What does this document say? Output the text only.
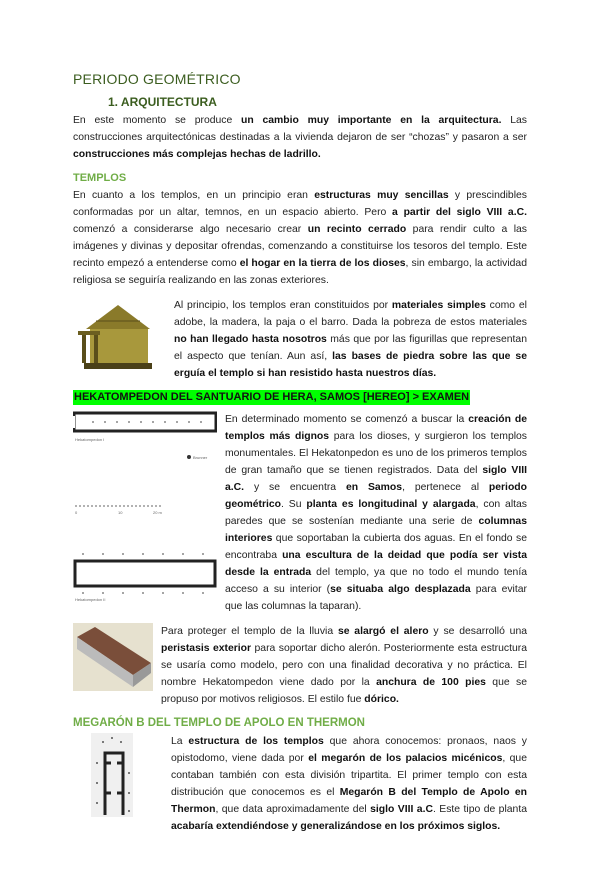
PERIODO GEOMÉTRICO
1. ARQUITECTURA
En este momento se produce un cambio muy importante en la arquitectura. Las construcciones arquitectónicas destinadas a la vivienda dejaron de ser “chozas” y pasaron a ser construcciones más complejas hechas de ladrillo.
TEMPLOS
En cuanto a los templos, en un principio eran estructuras muy sencillas y prescindibles conformadas por un altar, temnos, en un espacio abierto. Pero a partir del siglo VIII a.C. comenzó a considerarse algo necesario crear un recinto cerrado para rendir culto a las imágenes y divinas y depositar ofrendas, comenzando a constituirse los tesoros del templo. Este recinto empezó a entenderse como el hogar en la tierra de los dioses, sin embargo, la actividad religiosa se seguiría realizando en las zonas exteriores.
Al principio, los templos eran constituidos por materiales simples como el adobe, la madera, la paja o el barro. Dada la pobreza de estos materiales no han llegado hasta nosotros más que por las figurillas que representan el aspecto que tenían. Aun así, las bases de piedra sobre las que se erguía el templo si han resistido hasta nuestros días.
HEKATOMPEDON DEL SANTUARIO DE HERA, SAMOS [HEREO] > EXAMEN
Hekatompedon I
Brunner
0	10	20 m
Hekatompedon II
En determinado momento se comenzó a buscar la creación de templos más dignos para los dioses, y surgieron los templos monumentales. El Hekatonpedon es uno de los primeros templos de gran tamaño que se tienen registrados. Data del siglo VIII a.C. y se encuentra en Samos, pertenece al periodo geométrico. Su planta es longitudinal y alargada, con altas paredes que se sostenían mediante una serie de columnas interiores que soportaban la cubierta dos aguas. En el fondo se encontraba una escultura de la deidad que podía ser vista desde la entrada del templo, ya que no todo el mundo tenía acceso a su interior (se situaba algo desplazada para evitar que las columnas la taparan).
Para proteger el templo de la lluvia se alargó el alero y se desarrolló una peristasis exterior para soportar dicho alerón. Posteriormente esta estructura se usaría como modelo, pero con una finalidad decorativa y no práctica. El nombre Hekatompedon viene dado por la anchura de 100 pies que se propuso por motivos religiosos. El estilo fue dórico.
MEGARÓN B DEL TEMPLO DE APOLO EN THERMON
La estructura de los templos que ahora conocemos: pronaos, naos y opistodomo, viene dada por el megarón de los palacios micénicos, que contaban también con esta división tripartita. El primer templo con esta distribución que conocemos es el Megarón B del Templo de Apolo en Thermon, que data aproximadamente del siglo VIII a.C. Este tipo de planta acabaría extendiéndose y generalizándose en los próximos siglos.
